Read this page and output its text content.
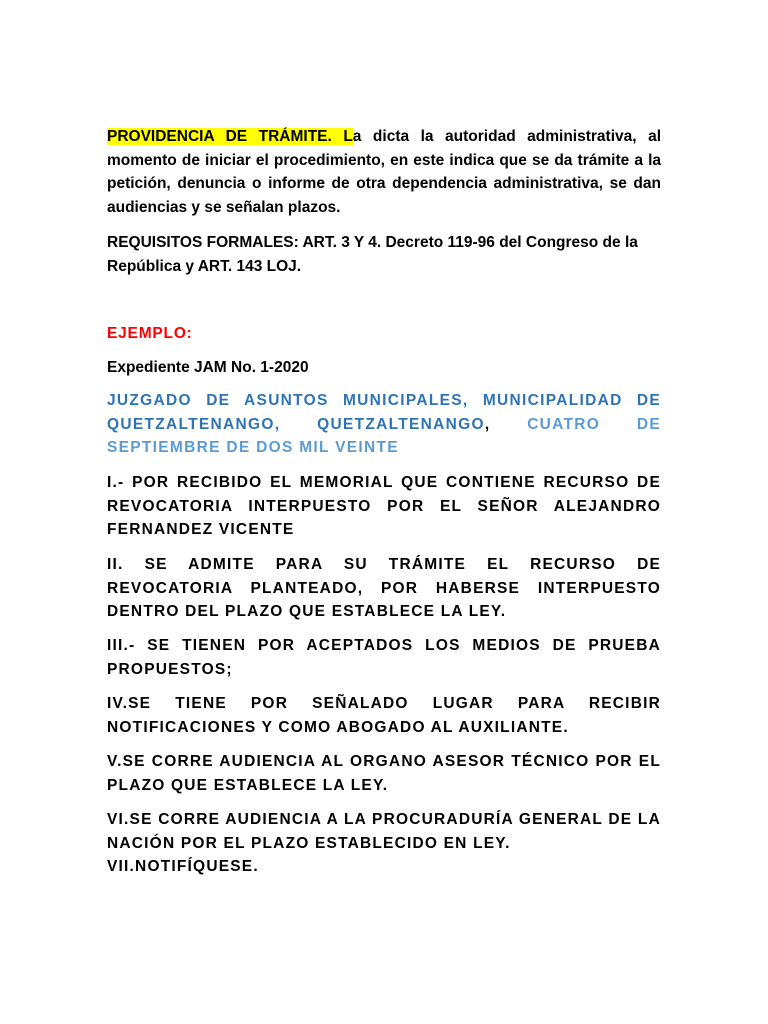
PROVIDENCIA DE TRÁMITE. La dicta la autoridad administrativa, al momento de iniciar el procedimiento, en este indica que se da trámite a la petición, denuncia o informe de otra dependencia administrativa, se dan audiencias y se señalan plazos.

REQUISITOS FORMALES: ART. 3 Y 4. Decreto 119-96 del Congreso de la República y ART. 143 LOJ.

EJEMPLO:

Expediente JAM No. 1-2020

JUZGADO DE ASUNTOS MUNICIPALES, MUNICIPALIDAD DE QUETZALTENANGO, QUETZALTENANGO, CUATRO DE SEPTIEMBRE DE DOS MIL VEINTE

I.- POR RECIBIDO EL MEMORIAL QUE CONTIENE RECURSO DE REVOCATORIA INTERPUESTO POR EL SEÑOR ALEJANDRO FERNANDEZ VICENTE

II. SE ADMITE PARA SU TRÁMITE EL RECURSO DE REVOCATORIA PLANTEADO, POR HABERSE INTERPUESTO DENTRO DEL PLAZO QUE ESTABLECE LA LEY.

III.- SE TIENEN POR ACEPTADOS LOS MEDIOS DE PRUEBA PROPUESTOS;

IV.SE TIENE POR SEÑALADO LUGAR PARA RECIBIR NOTIFICACIONES Y COMO ABOGADO AL AUXILIANTE.

V.SE CORRE AUDIENCIA AL ORGANO ASESOR TÉCNICO POR EL PLAZO QUE ESTABLECE LA LEY.

VI.SE CORRE AUDIENCIA A LA PROCURADURÍA GENERAL DE LA NACIÓN POR EL PLAZO ESTABLECIDO EN LEY.

VII.NOTIFÍQUESE.
